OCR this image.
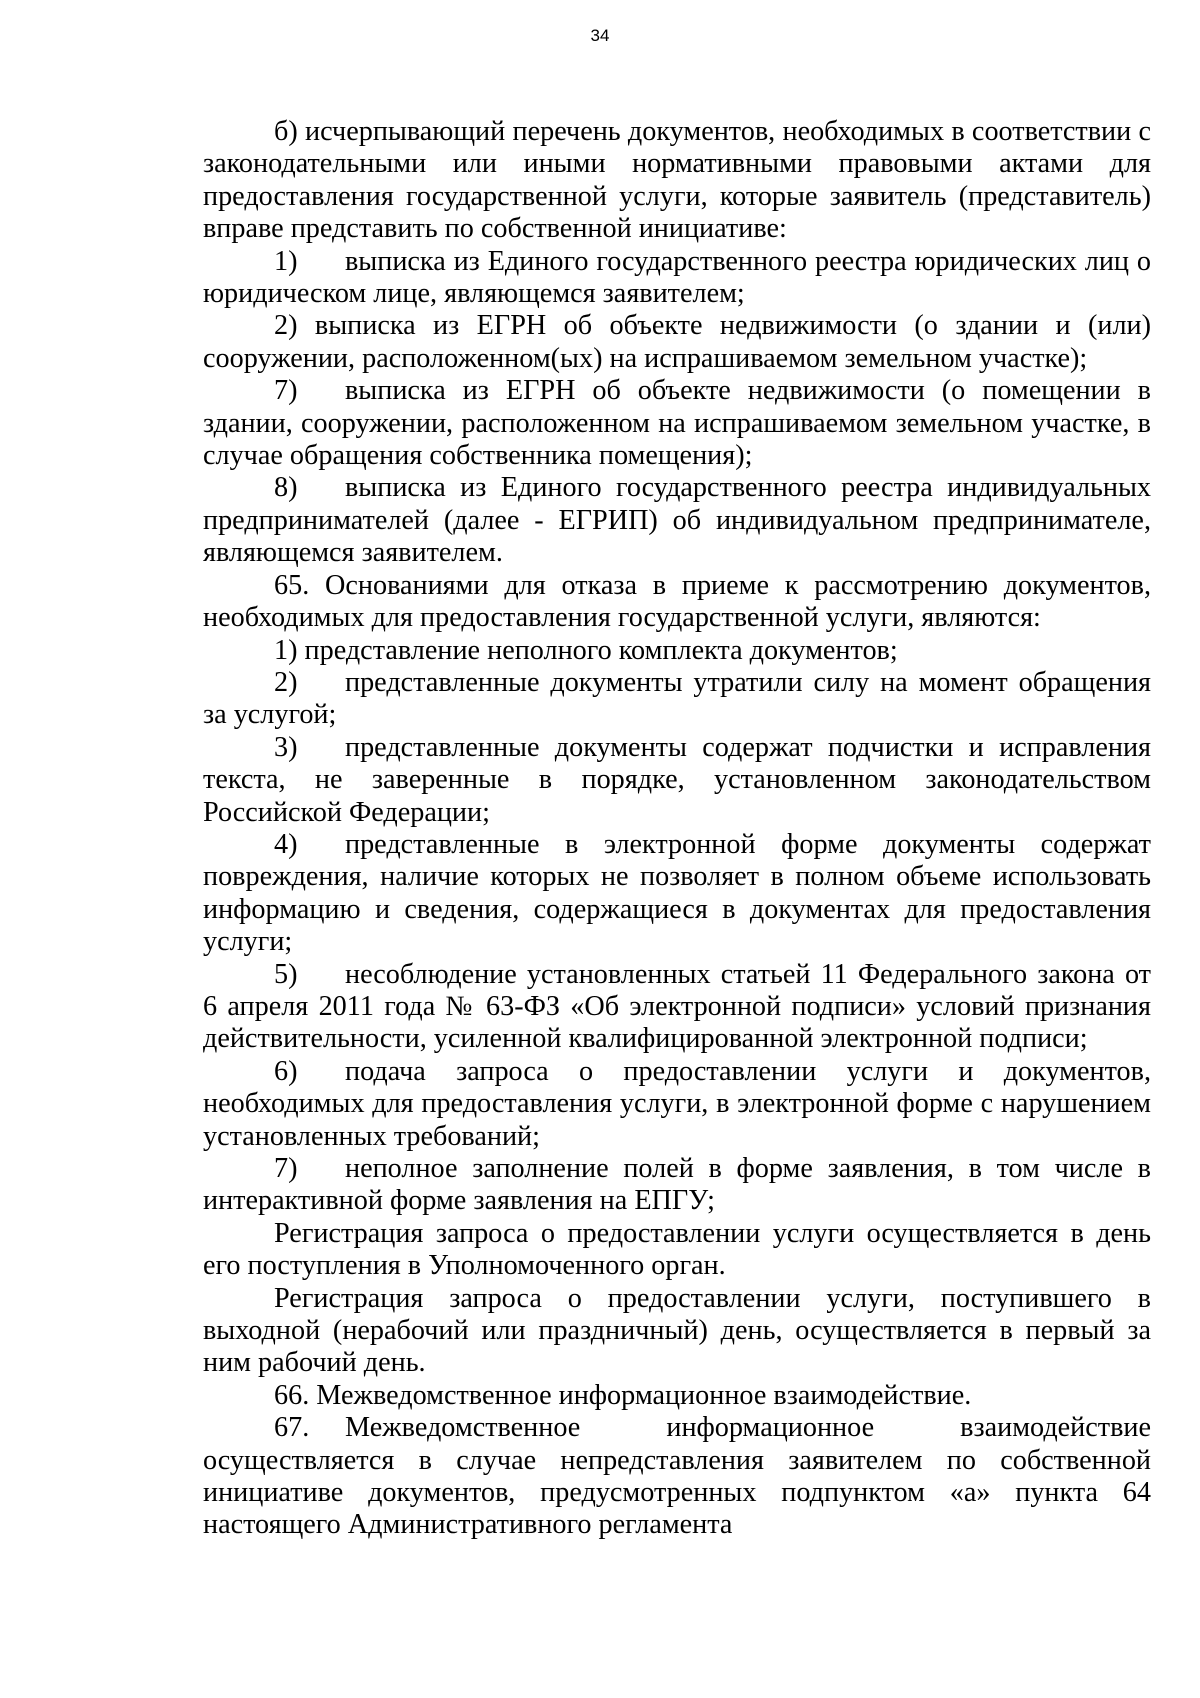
34

б) исчерпывающий перечень документов, необходимых в соответствии с законодательными или иными нормативными правовыми актами для предоставления государственной услуги, которые заявитель (представитель) вправе представить по собственной инициативе:

1) выписка из Единого государственного реестра юридических лиц о юридическом лице, являющемся заявителем;

2) выписка из ЕГРН об объекте недвижимости (о здании и (или) сооружении, расположенном(ых) на испрашиваемом земельном участке);

7) выписка из ЕГРН об объекте недвижимости (о помещении в здании, сооружении, расположенном на испрашиваемом земельном участке, в случае обращения собственника помещения);

8) выписка из Единого государственного реестра индивидуальных предпринимателей (далее - ЕГРИП) об индивидуальном предпринимателе, являющемся заявителем.

65. Основаниями для отказа в приеме к рассмотрению документов, необходимых для предоставления государственной услуги, являются:

1) представление неполного комплекта документов;

2) представленные документы утратили силу на момент обращения за услугой;

3) представленные документы содержат подчистки и исправления текста, не заверенные в порядке, установленном законодательством Российской Федерации;

4) представленные в электронной форме документы содержат повреждения, наличие которых не позволяет в полном объеме использовать информацию и сведения, содержащиеся в документах для предоставления услуги;

5) несоблюдение установленных статьей 11 Федерального закона от 6 апреля 2011 года № 63-ФЗ «Об электронной подписи» условий признания действительности, усиленной квалифицированной электронной подписи;

6) подача запроса о предоставлении услуги и документов, необходимых для предоставления услуги, в электронной форме с нарушением установленных требований;

7) неполное заполнение полей в форме заявления, в том числе в интерактивной форме заявления на ЕПГУ;

Регистрация запроса о предоставлении услуги осуществляется в день его поступления в Уполномоченного орган.

Регистрация запроса о предоставлении услуги, поступившего в выходной (нерабочий или праздничный) день, осуществляется в первый за ним рабочий день.

66. Межведомственное информационное взаимодействие.

67. Межведомственное информационное взаимодействие осуществляется в случае непредставления заявителем по собственной инициативе документов, предусмотренных подпунктом «а» пункта 64 настоящего Административного регламента
